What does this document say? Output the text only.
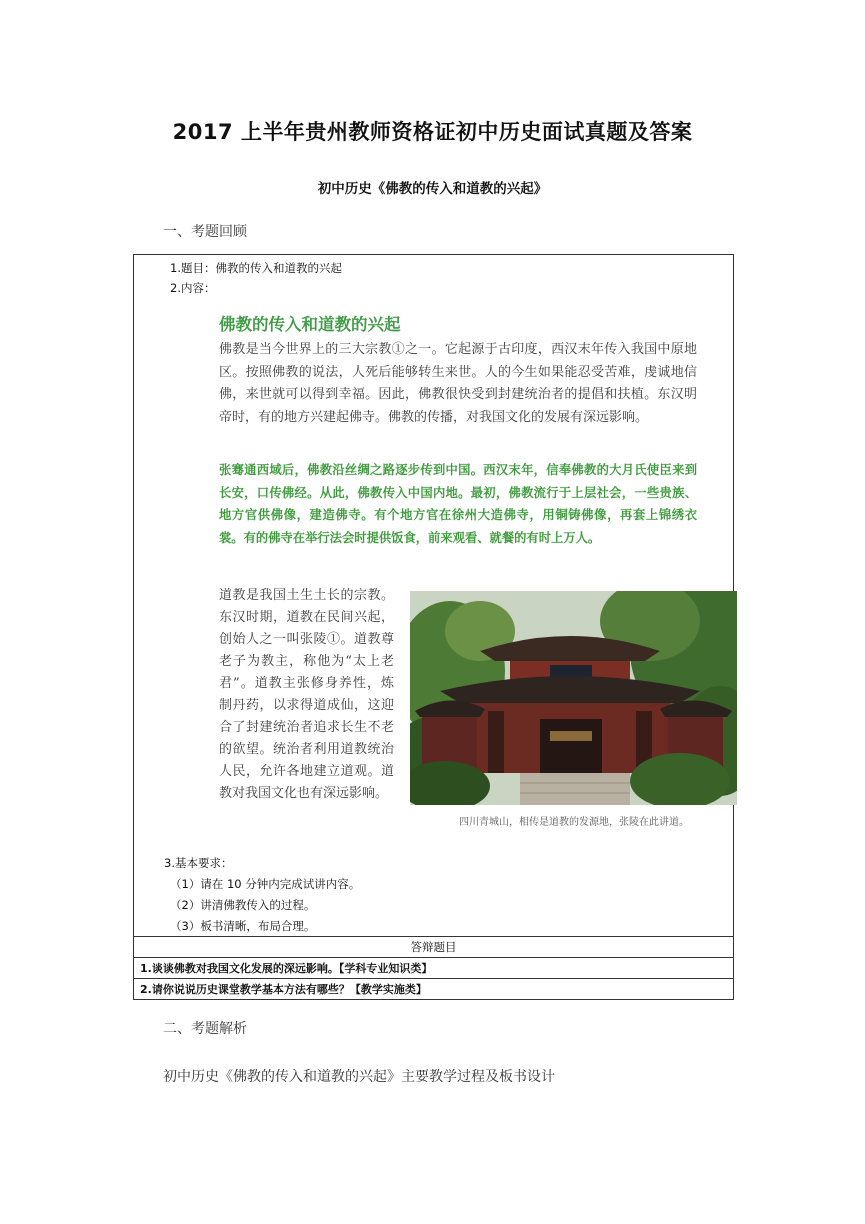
2017 上半年贵州教师资格证初中历史面试真题及答案
初中历史《佛教的传入和道教的兴起》
一、考题回顾
1.题目：佛教的传入和道教的兴起
2.内容：
佛教的传入和道教的兴起
佛教是当今世界上的三大宗教①之一。它起源于古印度，西汉末年传入我国中原地区。按照佛教的说法，人死后能够转生来世。人的今生如果能忍受苦难，虔诚地信佛，来世就可以得到幸福。因此，佛教很快受到封建统治者的提倡和扶植。东汉明帝时，有的地方兴建起佛寺。佛教的传播，对我国文化的发展有深远影响。
张骞通西域后，佛教沿丝绸之路逐步传到中国。西汉末年，信奉佛教的大月氏使臣来到长安，口传佛经。从此，佛教传入中国内地。最初，佛教流行于上层社会，一些贵族、地方官供佛像，建造佛寺。有个地方官在徐州大造佛寺，用铜铸佛像，再套上锦绣衣裳。有的佛寺在举行法会时提供饭食，前来观看、就餐的有时上万人。
道教是我国土生土长的宗教。东汉时期，道教在民间兴起，创始人之一叫张陵①。道教尊老子为教主，称他为“太上老君”。道教主张修身养性，炼制丹药，以求得道成仙，这迎合了封建统治者追求长生不老的欲望。统治者利用道教统治人民，允许各地建立道观。道教对我国文化也有深远影响。
四川青城山，相传是道教的发源地，张陵在此讲道。
3.基本要求：
（1）请在 10 分钟内完成试讲内容。
（2）讲清佛教传入的过程。
（3）板书清晰，布局合理。
答辩题目
1.谈谈佛教对我国文化发展的深远影响。【学科专业知识类】
2.请你说说历史课堂教学基本方法有哪些？【教学实施类】
二、考题解析
初中历史《佛教的传入和道教的兴起》主要教学过程及板书设计
